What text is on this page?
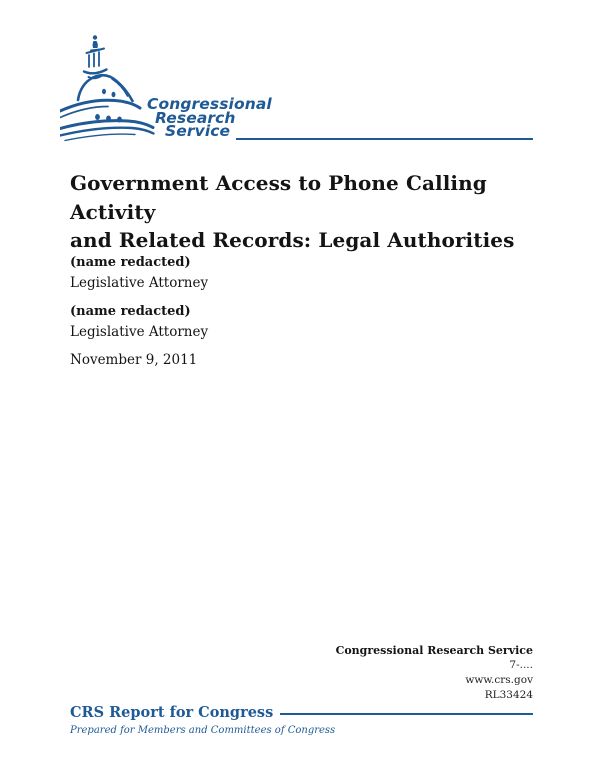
Congressional
Research
Service
Government Access to Phone Calling Activity
and Related Records: Legal Authorities
(name redacted)
Legislative Attorney
(name redacted)
Legislative Attorney
November 9, 2011
Congressional Research Service
7-....
www.crs.gov
RL33424
CRS Report for Congress
Prepared for Members and Committees of Congress
